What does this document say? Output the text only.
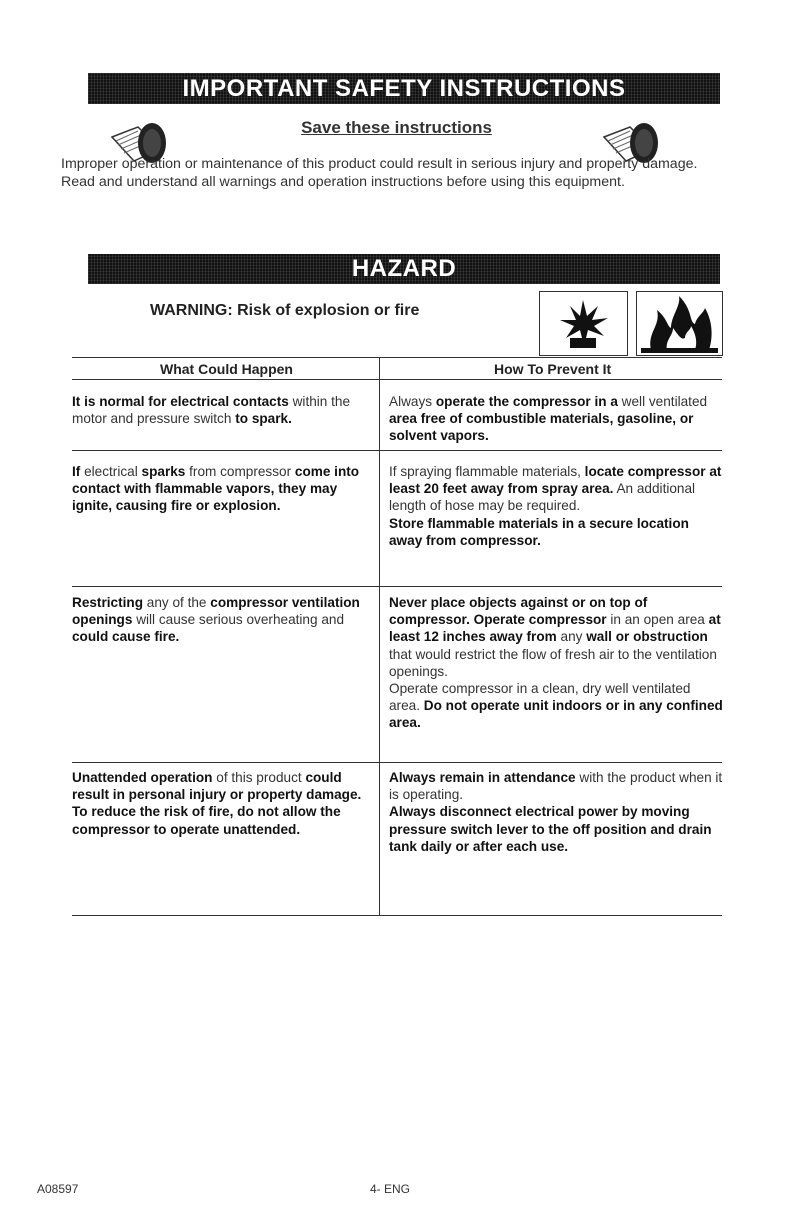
IMPORTANT SAFETY INSTRUCTIONS
Save these instructions
Improper operation or maintenance of this product could result in serious injury and property damage. Read and understand all warnings and operation instructions before using this equipment.
HAZARD
WARNING: Risk of explosion or fire
What Could Happen	How To Prevent It
It is normal for electrical contacts within the motor and pressure switch to spark.
Always operate the compressor in a well ventilated area free of combustible materials, gasoline, or solvent vapors.
If electrical sparks from compressor come into contact with flammable vapors, they may ignite, causing fire or explosion.
If spraying flammable materials, locate compressor at least 20 feet away from spray area. An additional length of hose may be required.
Store flammable materials in a secure location away from compressor.
Restricting any of the compressor ventilation openings will cause serious overheating and could cause fire.
Never place objects against or on top of compressor. Operate compressor in an open area at least 12 inches away from any wall or obstruction that would restrict the flow of fresh air to the ventilation openings.
Operate compressor in a clean, dry well ventilated area. Do not operate unit indoors or in any confined area.
Unattended operation of this product could result in personal injury or property damage. To reduce the risk of fire, do not allow the compressor to operate unattended.
Always remain in attendance with the product when it is operating.
Always disconnect electrical power by moving pressure switch lever to the off position and drain tank daily or after each use.
A08597	4- ENG
